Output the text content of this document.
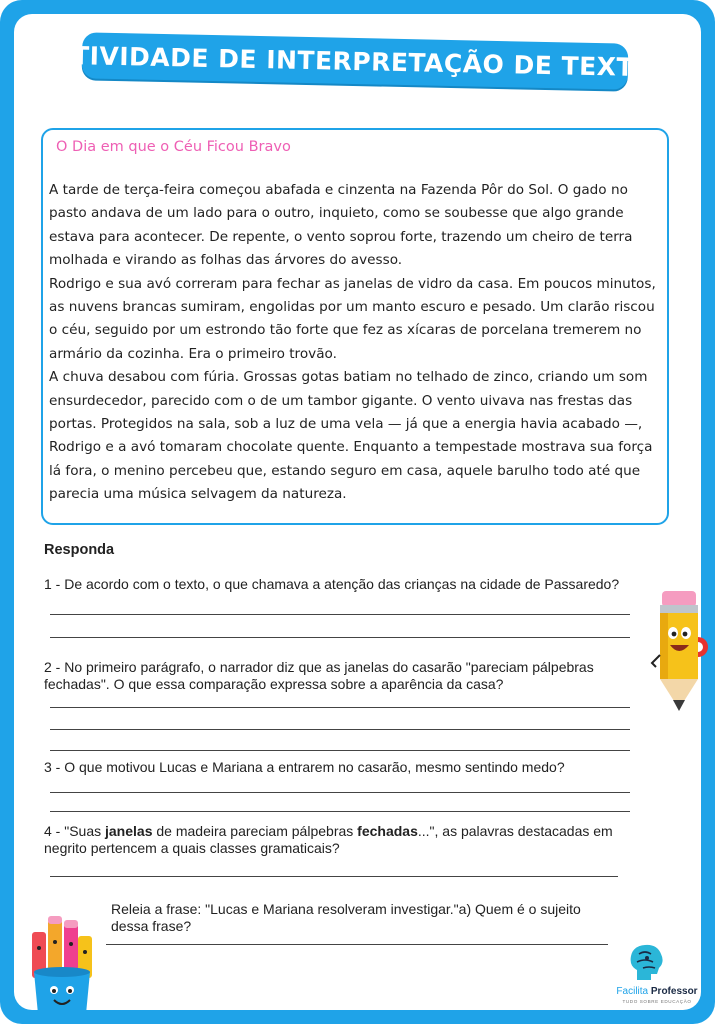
ATIVIDADE DE INTERPRETAÇÃO DE TEXTO
O Dia em que o Céu Ficou Bravo

A tarde de terça-feira começou abafada e cinzenta na Fazenda Pôr do Sol. O gado no pasto andava de um lado para o outro, inquieto, como se soubesse que algo grande estava para acontecer. De repente, o vento soprou forte, trazendo um cheiro de terra molhada e virando as folhas das árvores do avesso.

Rodrigo e sua avó correram para fechar as janelas de vidro da casa. Em poucos minutos, as nuvens brancas sumiram, engolidas por um manto escuro e pesado. Um clarão riscou o céu, seguido por um estrondo tão forte que fez as xícaras de porcelana tremerem no armário da cozinha. Era o primeiro trovão.

A chuva desabou com fúria. Grossas gotas batiam no telhado de zinco, criando um som ensurdecedor, parecido com o de um tambor gigante. O vento uivava nas frestas das portas. Protegidos na sala, sob a luz de uma vela — já que a energia havia acabado —, Rodrigo e a avó tomaram chocolate quente. Enquanto a tempestade mostrava sua força lá fora, o menino percebeu que, estando seguro em casa, aquele barulho todo até que parecia uma música selvagem da natureza.

Responda
1 - De acordo com o texto, o que chamava a atenção das crianças na cidade de Passaredo?
2 - No primeiro parágrafo, o narrador diz que as janelas do casarão "pareciam pálpebras fechadas". O que essa comparação expressa sobre a aparência da casa?
3 - O que motivou Lucas e Mariana a entrarem no casarão, mesmo sentindo medo?
4 - "Suas janelas de madeira pareciam pálpebras fechadas...", as palavras destacadas em negrito pertencem a quais classes gramaticais?
Releia a frase: "Lucas e Mariana resolveram investigar."a) Quem é o sujeito dessa frase?
Facilita Professor
TUDO SOBRE EDUCAÇÃO
